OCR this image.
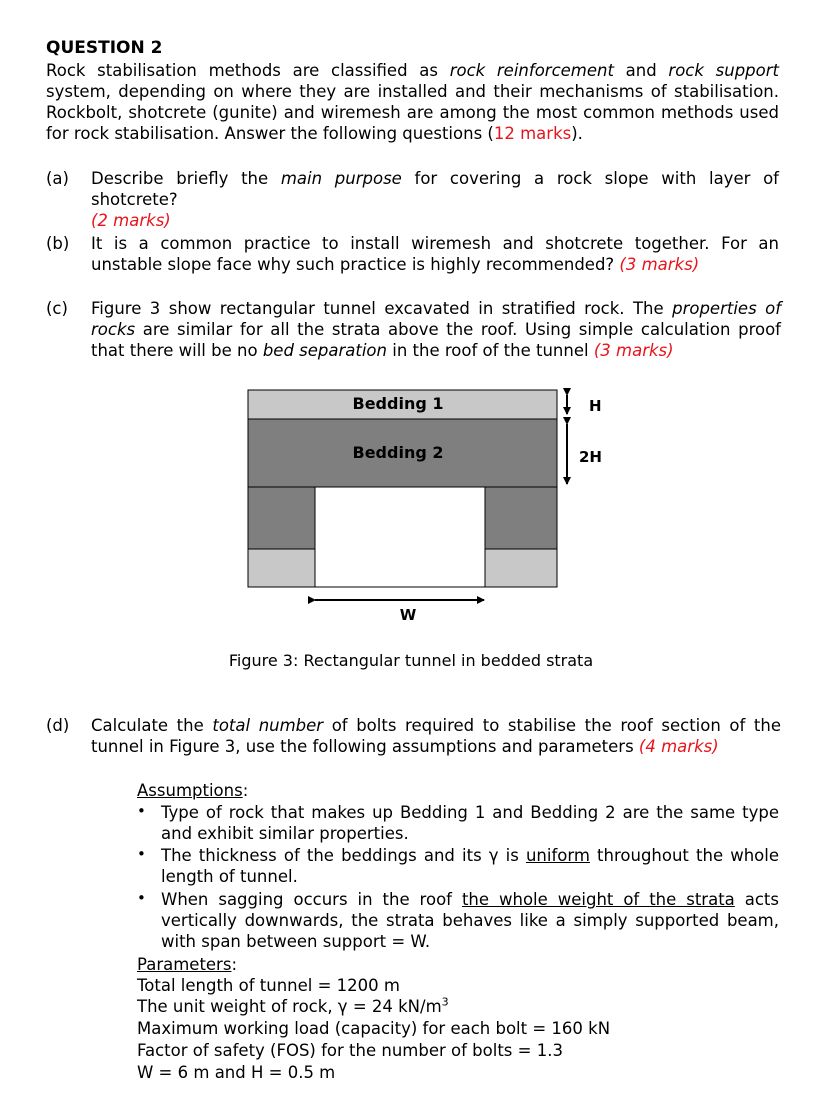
QUESTION 2
Rock stabilisation methods are classified as rock reinforcement and rock support system, depending on where they are installed and their mechanisms of stabilisation. Rockbolt, shotcrete (gunite) and wiremesh are among the most common methods used for rock stabilisation. Answer the following questions (12 marks).
(a) Describe briefly the main purpose for covering a rock slope with layer of shotcrete?
(2 marks)
(b) It is a common practice to install wiremesh and shotcrete together. For an unstable slope face why such practice is highly recommended? (3 marks)
(c) Figure 3 show rectangular tunnel excavated in stratified rock. The properties of rocks are similar for all the strata above the roof. Using simple calculation proof that there will be no bed separation in the roof of the tunnel (3 marks)
Bedding 1
Bedding 2
H
2H
W
Figure 3: Rectangular tunnel in bedded strata
(d) Calculate the total number of bolts required to stabilise the roof section of the tunnel in Figure 3, use the following assumptions and parameters (4 marks)
Assumptions:
• Type of rock that makes up Bedding 1 and Bedding 2 are the same type and exhibit similar properties.
• The thickness of the beddings and its γ is uniform throughout the whole length of tunnel.
• When sagging occurs in the roof the whole weight of the strata acts vertically downwards, the strata behaves like a simply supported beam, with span between support = W.
Parameters:
Total length of tunnel = 1200 m
The unit weight of rock, γ = 24 $kN/m^3$
Maximum working load (capacity) for each bolt = 160 kN
Factor of safety (FOS) for the number of bolts = 1.3
W = 6 m and H = 0.5 m
